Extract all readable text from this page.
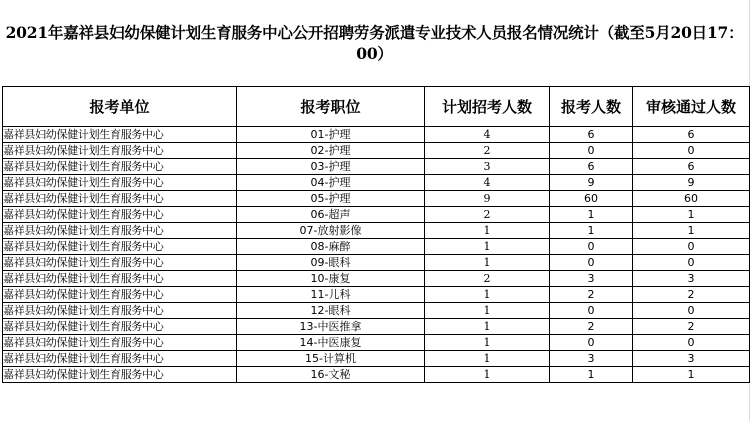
2021年嘉祥县妇幼保健计划生育服务中心公开招聘劳务派遣专业技术人员报名情况统计（截至5月20日17：00）
报考单位	报考职位	计划招考人数	报考人数	审核通过人数
嘉祥县妇幼保健计划生育服务中心	01-护理	4	6	6
嘉祥县妇幼保健计划生育服务中心	02-护理	2	0	0
嘉祥县妇幼保健计划生育服务中心	03-护理	3	6	6
嘉祥县妇幼保健计划生育服务中心	04-护理	4	9	9
嘉祥县妇幼保健计划生育服务中心	05-护理	9	60	60
嘉祥县妇幼保健计划生育服务中心	06-超声	2	1	1
嘉祥县妇幼保健计划生育服务中心	07-放射影像	1	1	1
嘉祥县妇幼保健计划生育服务中心	08-麻醉	1	0	0
嘉祥县妇幼保健计划生育服务中心	09-眼科	1	0	0
嘉祥县妇幼保健计划生育服务中心	10-康复	2	3	3
嘉祥县妇幼保健计划生育服务中心	11-儿科	1	2	2
嘉祥县妇幼保健计划生育服务中心	12-眼科	1	0	0
嘉祥县妇幼保健计划生育服务中心	13-中医推拿	1	2	2
嘉祥县妇幼保健计划生育服务中心	14-中医康复	1	0	0
嘉祥县妇幼保健计划生育服务中心	15-计算机	1	3	3
嘉祥县妇幼保健计划生育服务中心	16-文秘	1	1	1
